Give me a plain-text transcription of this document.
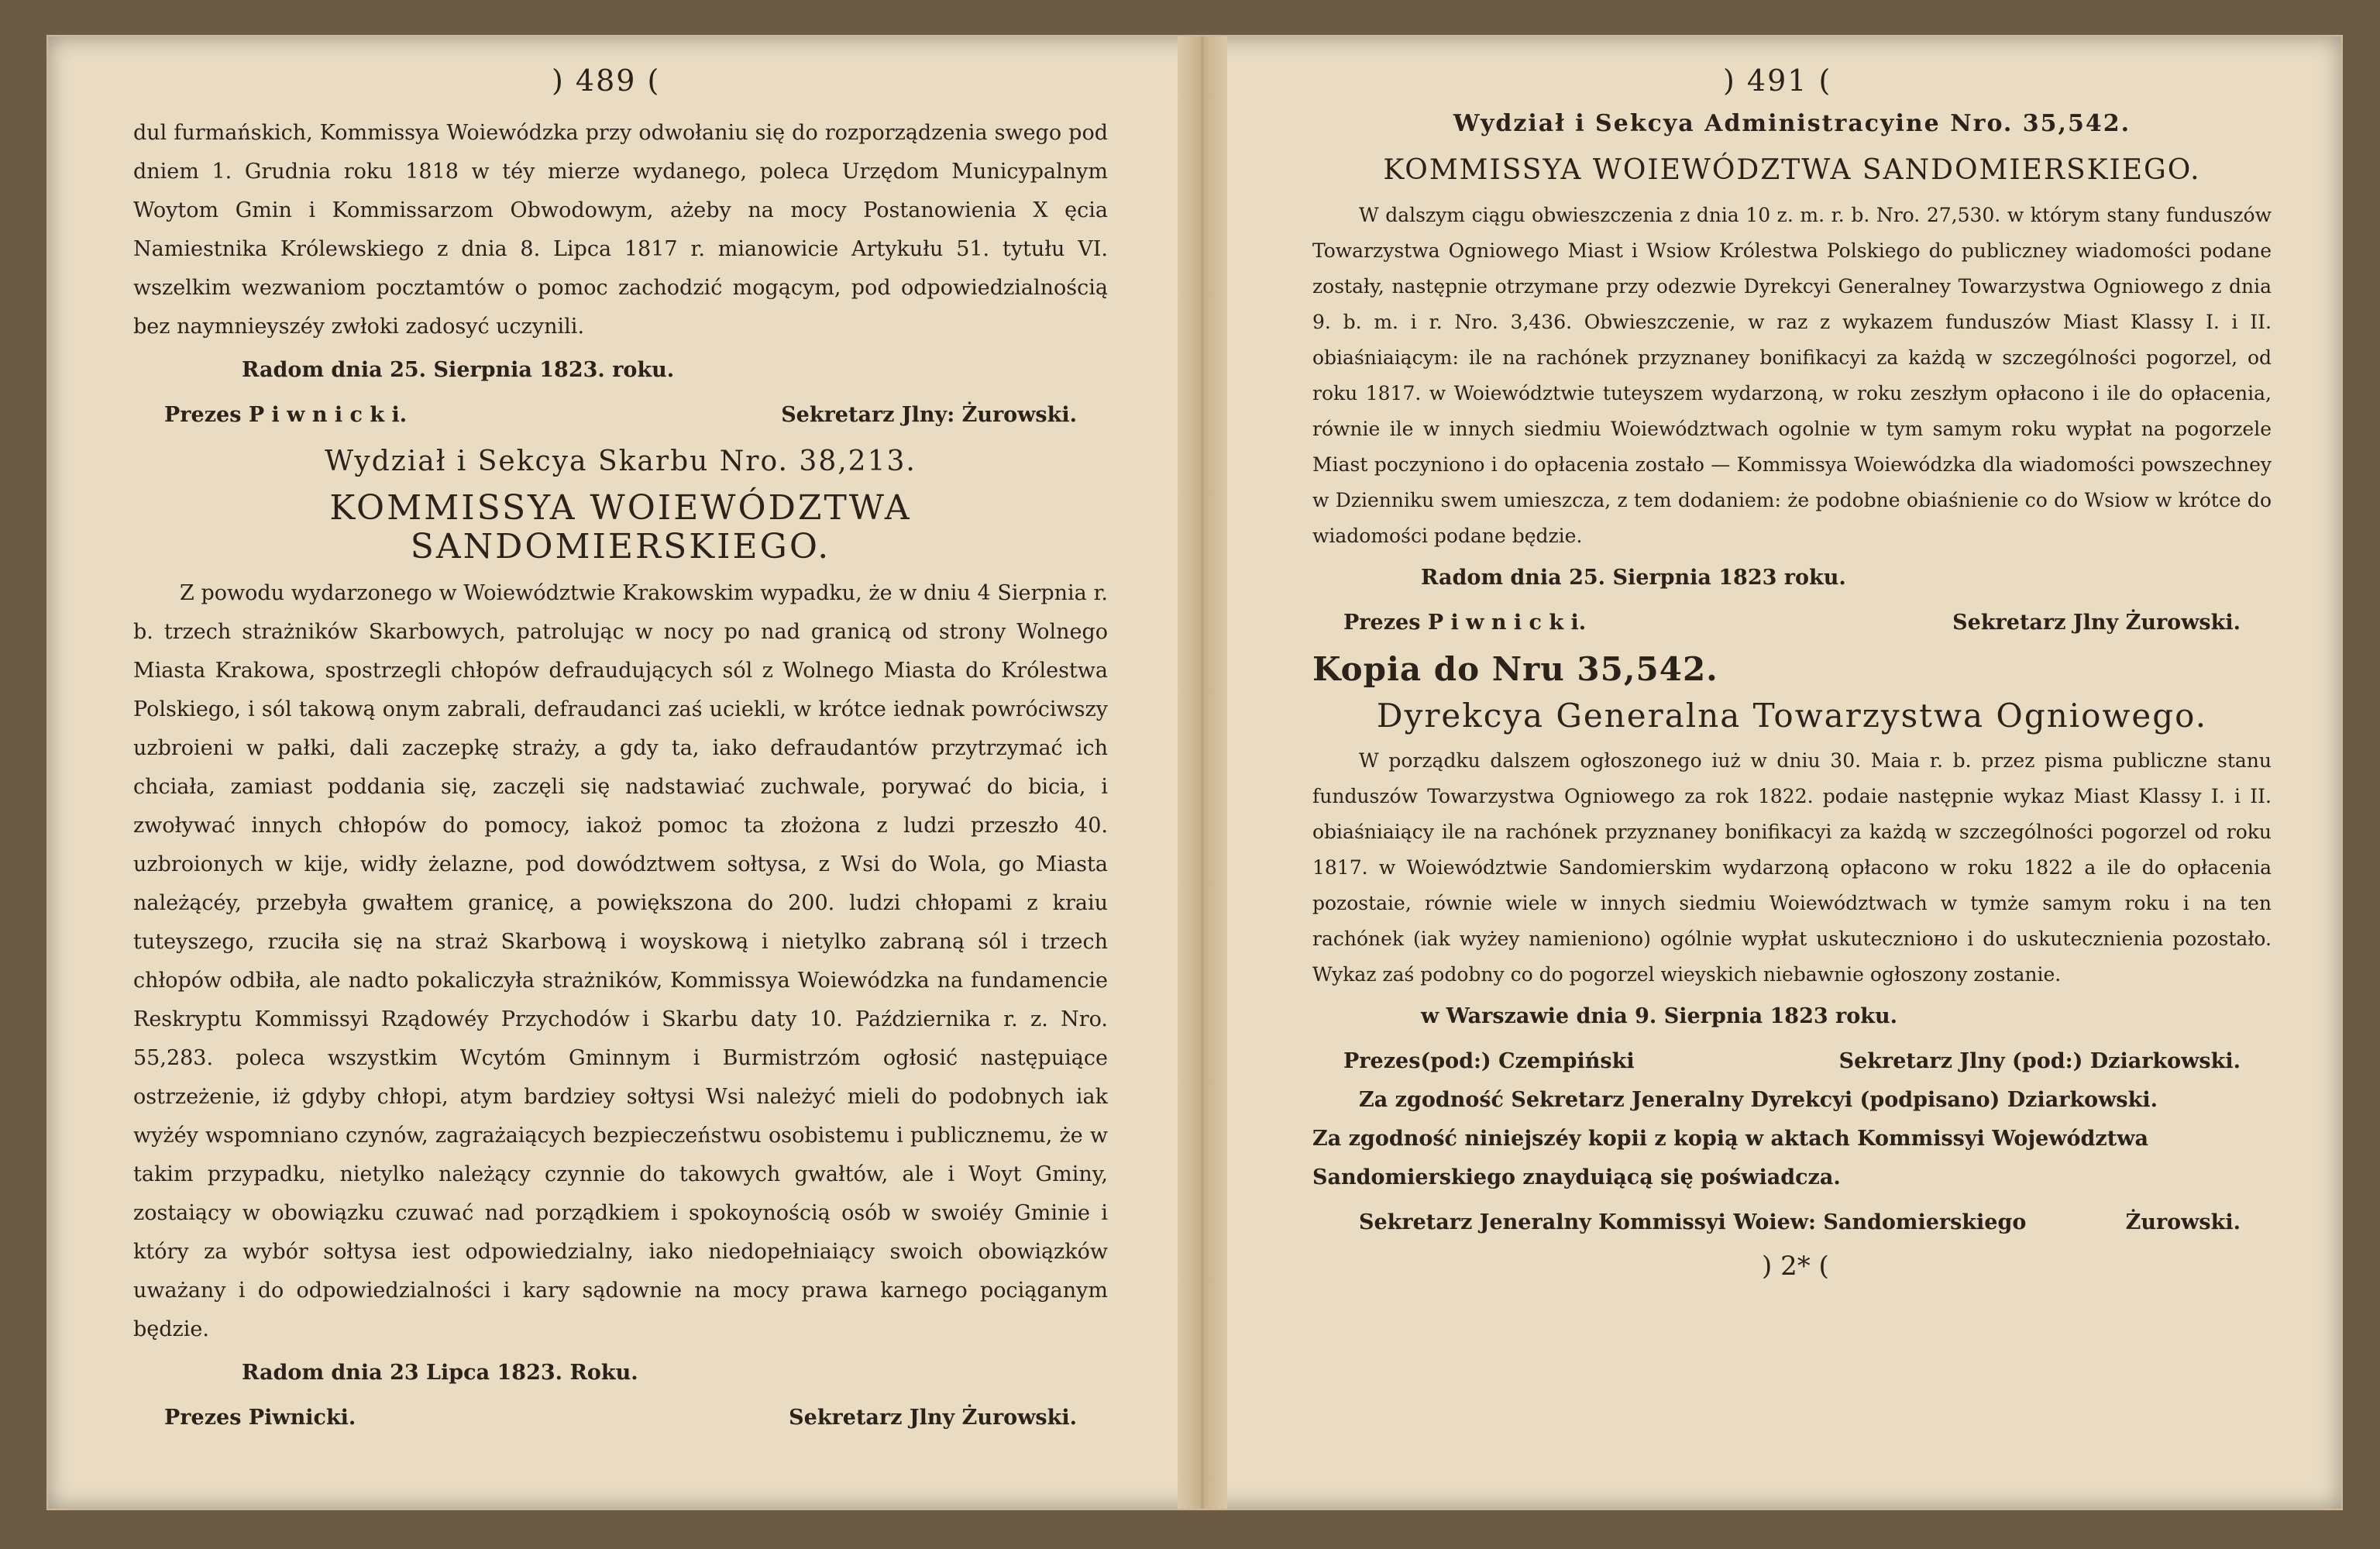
) 489 (

dul furmańskich, Kommissya Woiewódzka przy odwołaniu się do rozporządzenia swego pod dniem 1. Grudnia roku 1818 w téy mierze wydanego, poleca Urzędom Municypalnym Woytom Gmin i Kommissarzom Obwodowym, ażeby na mocy Postanowienia X ęcia Namiestnika Królewskiego z dnia 8. Lipca 1817 r. mianowicie Artykułu 51. tytułu VI. wszelkim wezwaniom pocztamtów o pomoc zachodzić mogącym, pod odpowiedzialnością bez naymnieyszéy zwłoki zadosyć uczynili.

Radom dnia 25. Sierpnia 1823. roku.

Prezes P i w n i c k i.	Sekretarz Jlny: Żurowski.
Wydział i Sekcya Skarbu Nro. 38,213.
KOMMISSYA WOIEWÓDZTWA SANDOMIERSKIEGO.

Z powodu wydarzonego w Woiewództwie Krakowskim wypadku, że w dniu 4 Sierpnia r. b. trzech strażników Skarbowych, patrolując w nocy po nad granicą od strony Wolnego Miasta Krakowa, spostrzegli chłopów defraudujących sól z Wolnego Miasta do Królestwa Polskiego, i sól takową onym zabrali, defraudanci zaś uciekli, w krótce iednak powróciwszy uzbroieni w pałki, dali zaczepkę straży, a gdy ta, iako defraudantów przytrzymać ich chciała, zamiast poddania się, zaczęli się nadstawiać zuchwale, porywać do bicia, i zwoływać innych chłopów do pomocy, iakoż pomoc ta złożona z ludzi przeszło 40. uzbroionych w kije, widły żelazne, pod dowództwem sołtysa, z Wsi do Wola, go Miasta należącéy, przebyła gwałtem granicę, a powiększona do 200. ludzi chłopami z kraiu tuteyszego, rzuciła się na straż Skarbową i woyskową i nietylko zabraną sól i trzech chłopów odbiła, ale nadto pokaliczyła strażników, Kommissya Woiewódzka na fundamencie Reskryptu Kommissyi Rządowéy Przychodów i Skarbu daty 10. Października r. z. Nro. 55,283. poleca wszystkim Wcytóm Gminnym i Burmistrzóm ogłosić następuiące ostrzeżenie, iż gdyby chłopi, atym bardziey sołtysi Wsi należyć mieli do podobnych iak wyżéy wspomniano czynów, zagrażaiących bezpieczeństwu osobistemu i publicznemu, że w takim przypadku, nietylko należący czynnie do takowych gwałtów, ale i Woyt Gminy, zostaiący w obowiązku czuwać nad porządkiem i spokoynością osób w swoiéy Gminie i który za wybór sołtysa iest odpowiedzialny, iako niedopełniaiący swoich obowiązków uważany i do odpowiedzialności i kary sądownie na mocy prawa karnego pociąganym będzie.

Radom dnia 23 Lipca 1823. Roku.

Prezes Piwnicki.	Sekretarz Jlny Żurowski.
) 491 (
Wydział i Sekcya Administracyine Nro. 35,542.
KOMMISSYA WOIEWÓDZTWA SANDOMIERSKIEGO.

W dalszym ciągu obwieszczenia z dnia 10 z. m. r. b. Nro. 27,530. w którym stany funduszów Towarzystwa Ogniowego Miast i Wsiow Królestwa Polskiego do publiczney wiadomości podane zostały, następnie otrzymane przy odezwie Dyrekcyi Generalney Towarzystwa Ogniowego z dnia 9. b. m. i r. Nro. 3,436. Obwieszczenie, w raz z wykazem funduszów Miast Klassy I. i II. obiaśniaiącym: ile na rachónek przyznaney bonifikacyi za każdą w szczególności pogorzel, od roku 1817. w Woiewództwie tuteyszem wydarzoną, w roku zeszłym opłacono i ile do opłacenia, równie ile w innych siedmiu Woiewództwach ogolnie w tym samym roku wypłat na pogorzele Miast poczyniono i do opłacenia zostało — Kommissya Woiewódzka dla wiadomości powszechney w Dzienniku swem umieszcza, z tem dodaniem: że podobne obiaśnienie co do Wsiow w krótce do wiadomości podane będzie.

Radom dnia 25. Sierpnia 1823 roku.

Prezes P i w n i c k i.	Sekretarz Jlny Żurowski.
Kopia do Nru 35,542.
Dyrekcya Generalna Towarzystwa Ogniowego.

W porządku dalszem ogłoszonego iuż w dniu 30. Maia r. b. przez pisma publiczne stanu funduszów Towarzystwa Ogniowego za rok 1822. podaie następnie wykaz Miast Klassy I. i II. obiaśniaiący ile na rachónek przyznaney bonifikacyi za każdą w szczególności pogorzel od roku 1817. w Woiewództwie Sandomierskim wydarzoną opłacono w roku 1822 a ile do opłacenia pozostaie, równie wiele w innych siedmiu Woiewództwach w tymże samym roku i na ten rachónek (iak wyżey namieniono) ogólnie wypłat uskutecznioно i do uskutecznienia pozostało. Wykaz zaś podobny co do pogorzel wieyskich niebawnie ogłoszony zostanie.

w Warszawie dnia 9. Sierpnia 1823 roku.

Prezes(pod:) Czempiński	Sekretarz Jlny (pod:) Dziarkowski.

Za zgodność Sekretarz Jeneralny Dyrekcyi (podpisano) Dziarkowski.

Za zgodność niniejszéy kopii z kopią w aktach Kommissyi Województwa Sandomierskiego znayduiącą się poświadcza.

Sekretarz Jeneralny Kommissyi Woiew: Sandomierskiego	Żurowski.
) 2* (
